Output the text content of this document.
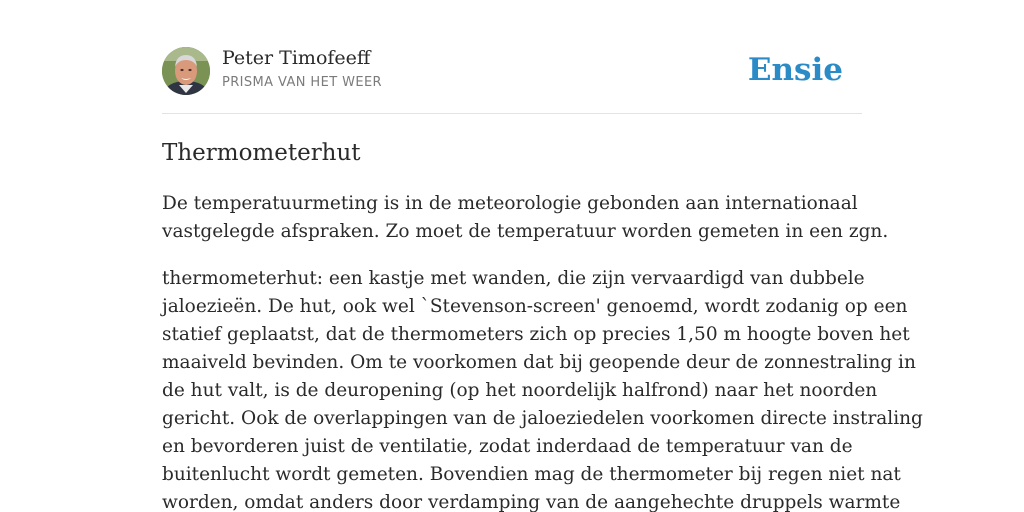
Peter Timofeeff
PRISMA VAN HET WEER	Ensie
Thermometerhut

De temperatuurmeting is in de meteorologie gebonden aan internationaal
vastgelegde afspraken. Zo moet de temperatuur worden gemeten in een zgn.

thermometerhut: een kastje met wanden, die zijn vervaardigd van dubbele
jaloezieën. De hut, ook wel `Stevenson-screen' genoemd, wordt zodanig op een
statief geplaatst, dat de thermometers zich op precies 1,50 m hoogte boven het
maaiveld bevinden. Om te voorkomen dat bij geopende deur de zonnestraling in
de hut valt, is de deuropening (op het noordelijk halfrond) naar het noorden
gericht. Ook de overlappingen van de jaloeziedelen voorkomen directe instraling
en bevorderen juist de ventilatie, zodat inderdaad de temperatuur van de
buitenlucht wordt gemeten. Bovendien mag de thermometer bij regen niet nat
worden, omdat anders door verdamping van de aangehechte druppels warmte
